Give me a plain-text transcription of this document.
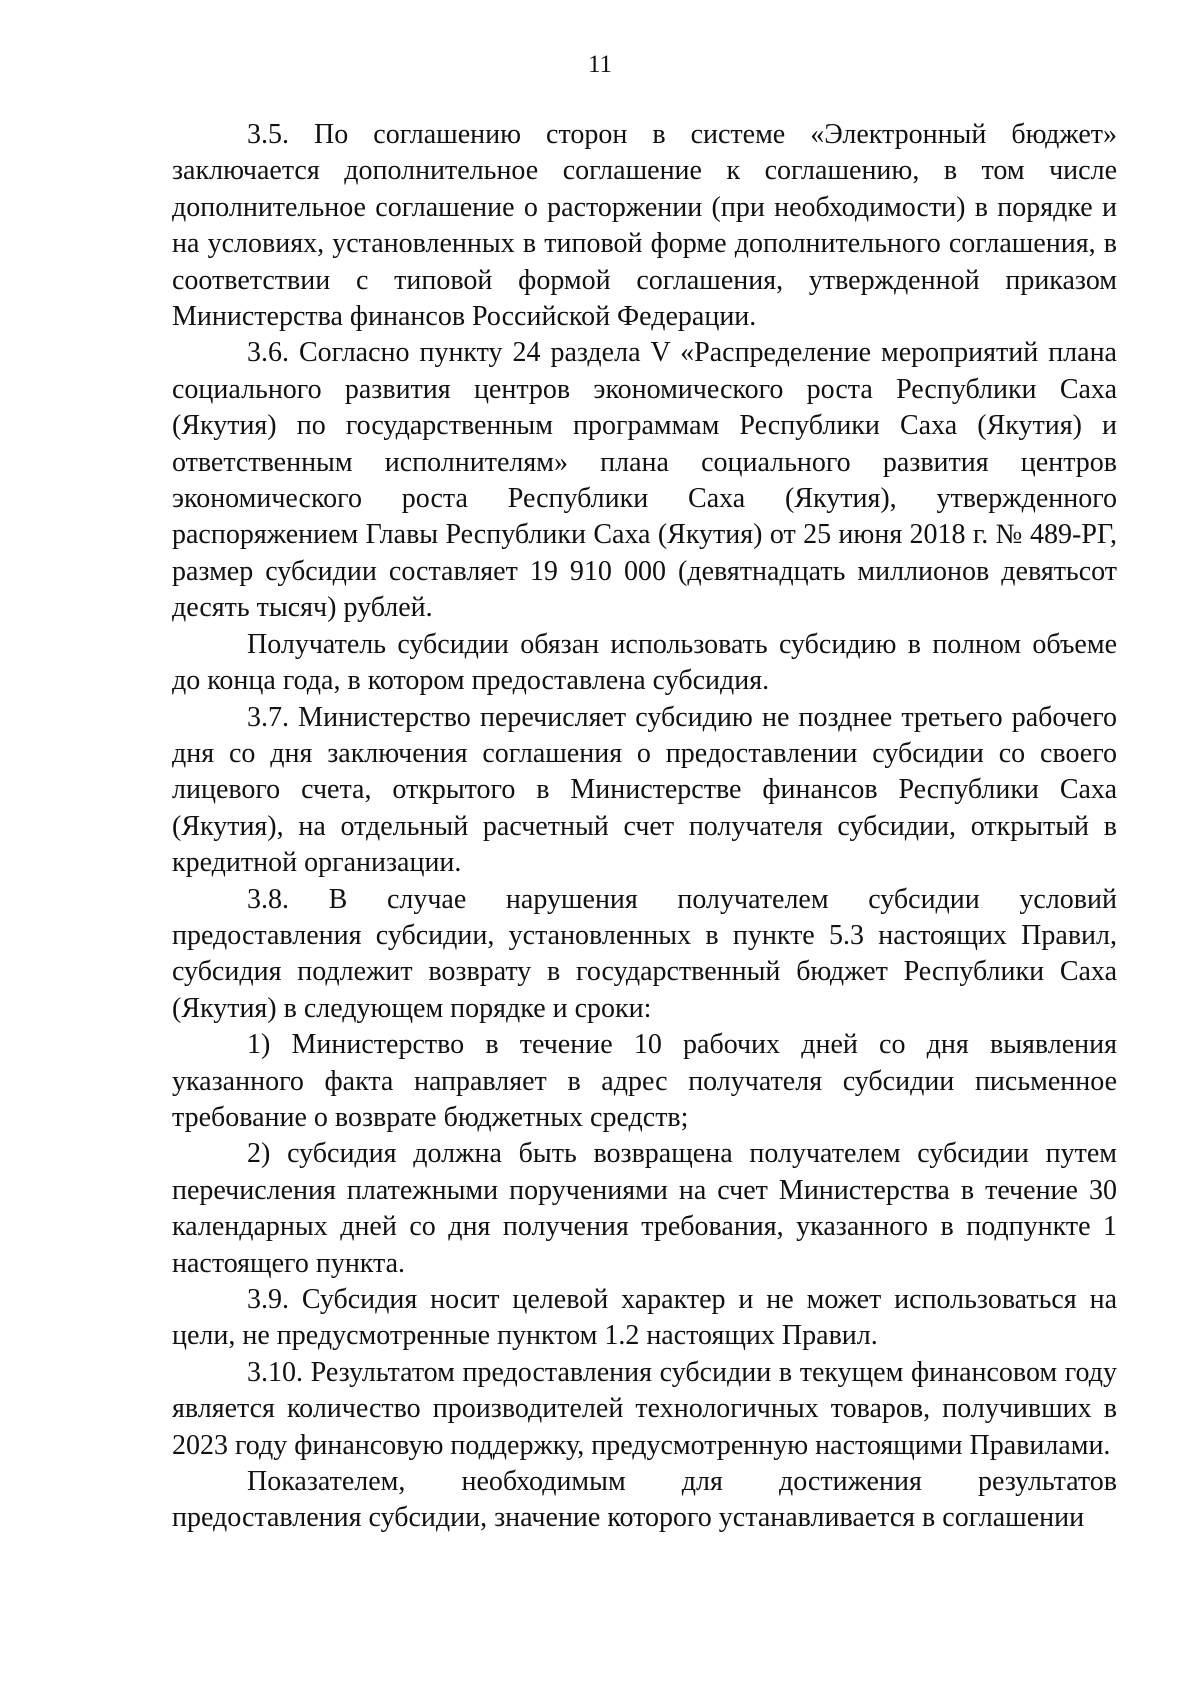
11

3.5. По соглашению сторон в системе «Электронный бюджет» заключается дополнительное соглашение к соглашению, в том числе дополнительное соглашение о расторжении (при необходимости) в порядке и на условиях, установленных в типовой форме дополнительного соглашения, в соответствии с типовой формой соглашения, утвержденной приказом Министерства финансов Российской Федерации.

3.6. Согласно пункту 24 раздела V «Распределение мероприятий плана социального развития центров экономического роста Республики Саха (Якутия) по государственным программам Республики Саха (Якутия) и ответственным исполнителям» плана социального развития центров экономического роста Республики Саха (Якутия), утвержденного распоряжением Главы Республики Саха (Якутия) от 25 июня 2018 г. № 489-РГ, размер субсидии составляет 19 910 000 (девятнадцать миллионов девятьсот десять тысяч) рублей.

Получатель субсидии обязан использовать субсидию в полном объеме до конца года, в котором предоставлена субсидия.

3.7. Министерство перечисляет субсидию не позднее третьего рабочего дня со дня заключения соглашения о предоставлении субсидии со своего лицевого счета, открытого в Министерстве финансов Республики Саха (Якутия), на отдельный расчетный счет получателя субсидии, открытый в кредитной организации.

3.8. В случае нарушения получателем субсидии условий предоставления субсидии, установленных в пункте 5.3 настоящих Правил, субсидия подлежит возврату в государственный бюджет Республики Саха (Якутия) в следующем порядке и сроки:

1) Министерство в течение 10 рабочих дней со дня выявления указанного факта направляет в адрес получателя субсидии письменное требование о возврате бюджетных средств;

2) субсидия должна быть возвращена получателем субсидии путем перечисления платежными поручениями на счет Министерства в течение 30 календарных дней со дня получения требования, указанного в подпункте 1 настоящего пункта.

3.9. Субсидия носит целевой характер и не может использоваться на цели, не предусмотренные пунктом 1.2 настоящих Правил.

3.10. Результатом предоставления субсидии в текущем финансовом году является количество производителей технологичных товаров, получивших в 2023 году финансовую поддержку, предусмотренную настоящими Правилами.

Показателем, необходимым для достижения результатов предоставления субсидии, значение которого устанавливается в соглашении
